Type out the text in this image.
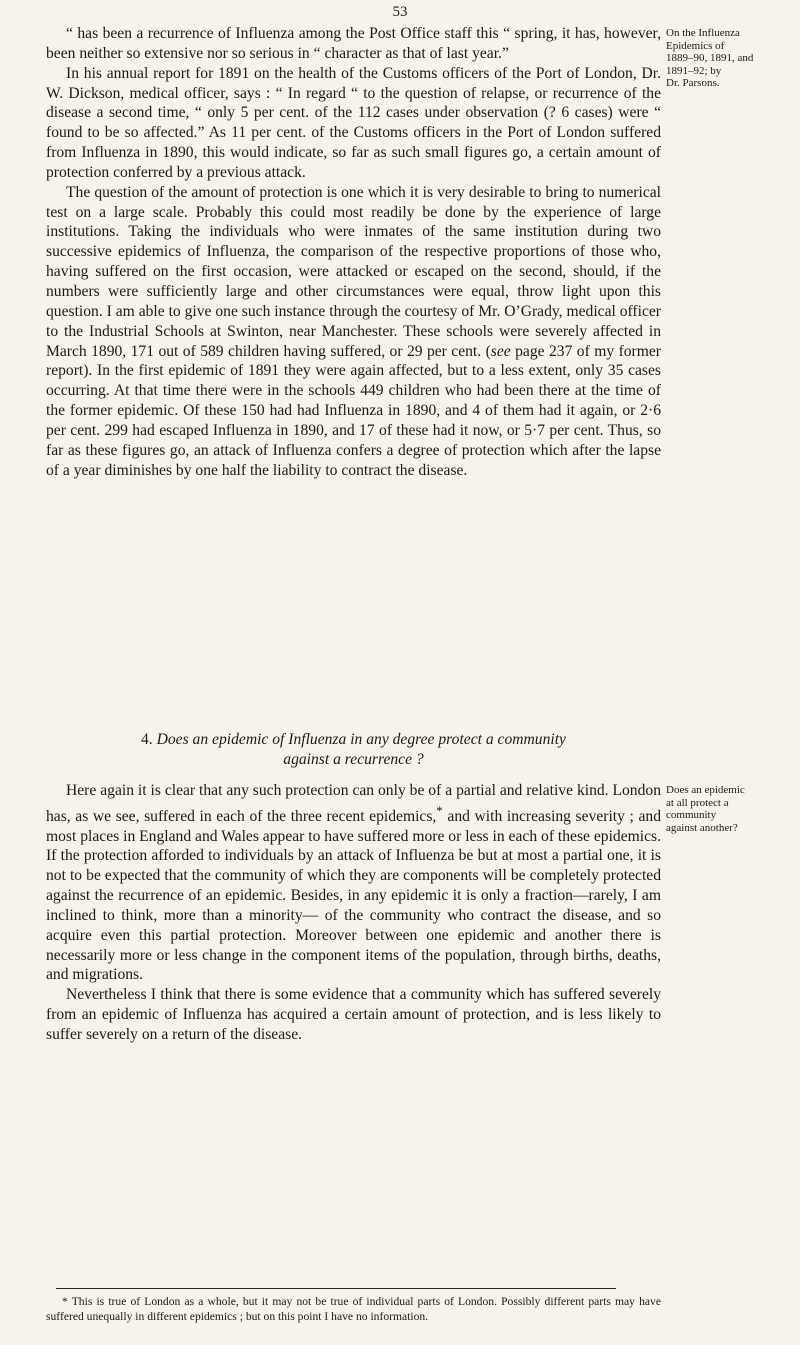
53

“ has been a recurrence of Influenza among the Post Office staff this “ spring, it has, however, been neither so extensive nor so serious in “ character as that of last year.”

In his annual report for 1891 on the health of the Customs officers of the Port of London, Dr. W. Dickson, medical officer, says : “ In regard “ to the question of relapse, or recurrence of the disease a second time, “ only 5 per cent. of the 112 cases under observation (? 6 cases) were “ found to be so affected.” As 11 per cent. of the Customs officers in the Port of London suffered from Influenza in 1890, this would indicate, so far as such small figures go, a certain amount of protection conferred by a previous attack.

The question of the amount of protection is one which it is very desirable to bring to numerical test on a large scale. Probably this could most readily be done by the experience of large institutions. Taking the individuals who were inmates of the same institution during two successive epidemics of Influenza, the comparison of the respective proportions of those who, having suffered on the first occasion, were attacked or escaped on the second, should, if the numbers were sufficiently large and other circumstances were equal, throw light upon this question. I am able to give one such instance through the courtesy of Mr. O’Grady, medical officer to the Industrial Schools at Swinton, near Manchester. These schools were severely affected in March 1890, 171 out of 589 children having suffered, or 29 per cent. (see page 237 of my former report). In the first epidemic of 1891 they were again affected, but to a less extent, only 35 cases occurring. At that time there were in the schools 449 children who had been there at the time of the former epidemic. Of these 150 had had Influenza in 1890, and 4 of them had it again, or 2·6 per cent. 299 had escaped Influenza in 1890, and 17 of these had it now, or 5·7 per cent. Thus, so far as these figures go, an attack of Influenza confers a degree of protection which after the lapse of a year diminishes by one half the liability to contract the disease.

On the Influenza
Epidemics of
1889–90, 1891, and
1891–92; by
Dr. Parsons.

4. Does an epidemic of Influenza in any degree protect a community

against a recurrence ?

Here again it is clear that any such protection can only be of a partial and relative kind. London has, as we see, suffered in each of the three recent epidemics,* and with increasing severity ; and most places in England and Wales appear to have suffered more or less in each of these epidemics. If the protection afforded to individuals by an attack of Influenza be but at most a partial one, it is not to be expected that the community of which they are components will be completely protected against the recurrence of an epidemic. Besides, in any epidemic it is only a fraction—rarely, I am inclined to think, more than a minority— of the community who contract the disease, and so acquire even this partial protection. Moreover between one epidemic and another there is necessarily more or less change in the component items of the population, through births, deaths, and migrations.

Nevertheless I think that there is some evidence that a community which has suffered severely from an epidemic of Influenza has acquired a certain amount of protection, and is less likely to suffer severely on a return of the disease.

Does an epidemic
at all protect a
community
against another?

* This is true of London as a whole, but it may not be true of individual parts of London. Possibly different parts may have suffered unequally in different epidemics ; but on this point I have no information.
